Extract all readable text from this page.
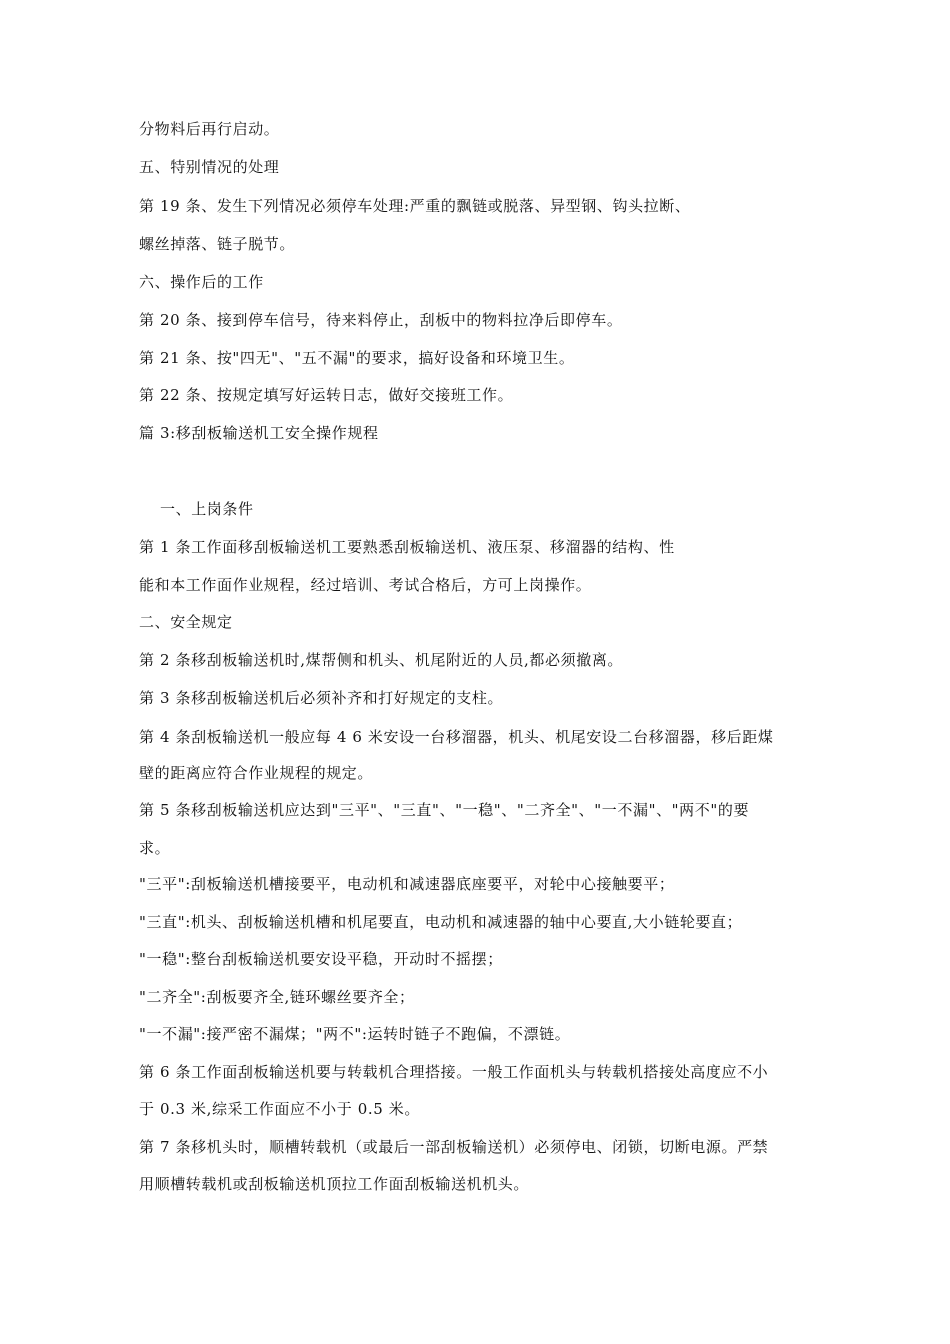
分物料后再行启动。
五、特别情况的处理
第 19 条、发生下列情况必须停车处理:严重的飘链或脱落、异型钢、钩头拉断、
螺丝掉落、链子脱节。
六、操作后的工作
第 20 条、接到停车信号，待来料停止，刮板中的物料拉净后即停车。
第 21 条、按"四无"、"五不漏"的要求，搞好设备和环境卫生。
第 22 条、按规定填写好运转日志，做好交接班工作。
篇 3:移刮板输送机工安全操作规程
一、上岗条件
第 1 条工作面移刮板输送机工要熟悉刮板输送机、液压泵、移溜器的结构、性
能和本工作面作业规程，经过培训、考试合格后，方可上岗操作。
二、安全规定
第 2 条移刮板输送机时,煤帮侧和机头、机尾附近的人员,都必须撤离。
第 3 条移刮板输送机后必须补齐和打好规定的支柱。
第 4 条刮板输送机一般应每 4 6 米安设一台移溜器，机头、机尾安设二台移溜器，移后距煤
壁的距离应符合作业规程的规定。
第 5 条移刮板输送机应达到"三平"、"三直"、"一稳"、"二齐全"、"一不漏"、"两不"的要
求。
"三平":刮板输送机槽接要平，电动机和减速器底座要平，对轮中心接触要平；
"三直":机头、刮板输送机槽和机尾要直，电动机和减速器的轴中心要直,大小链轮要直；
"一稳":整台刮板输送机要安设平稳，开动时不摇摆；
"二齐全":刮板要齐全,链环螺丝要齐全；
"一不漏":接严密不漏煤；"两不":运转时链子不跑偏，不漂链。
第 6 条工作面刮板输送机要与转载机合理搭接。一般工作面机头与转载机搭接处高度应不小
于 0.3 米,综采工作面应不小于 0.5 米。
第 7 条移机头时，顺槽转载机（或最后一部刮板输送机）必须停电、闭锁，切断电源。严禁
用顺槽转载机或刮板输送机顶拉工作面刮板输送机机头。
